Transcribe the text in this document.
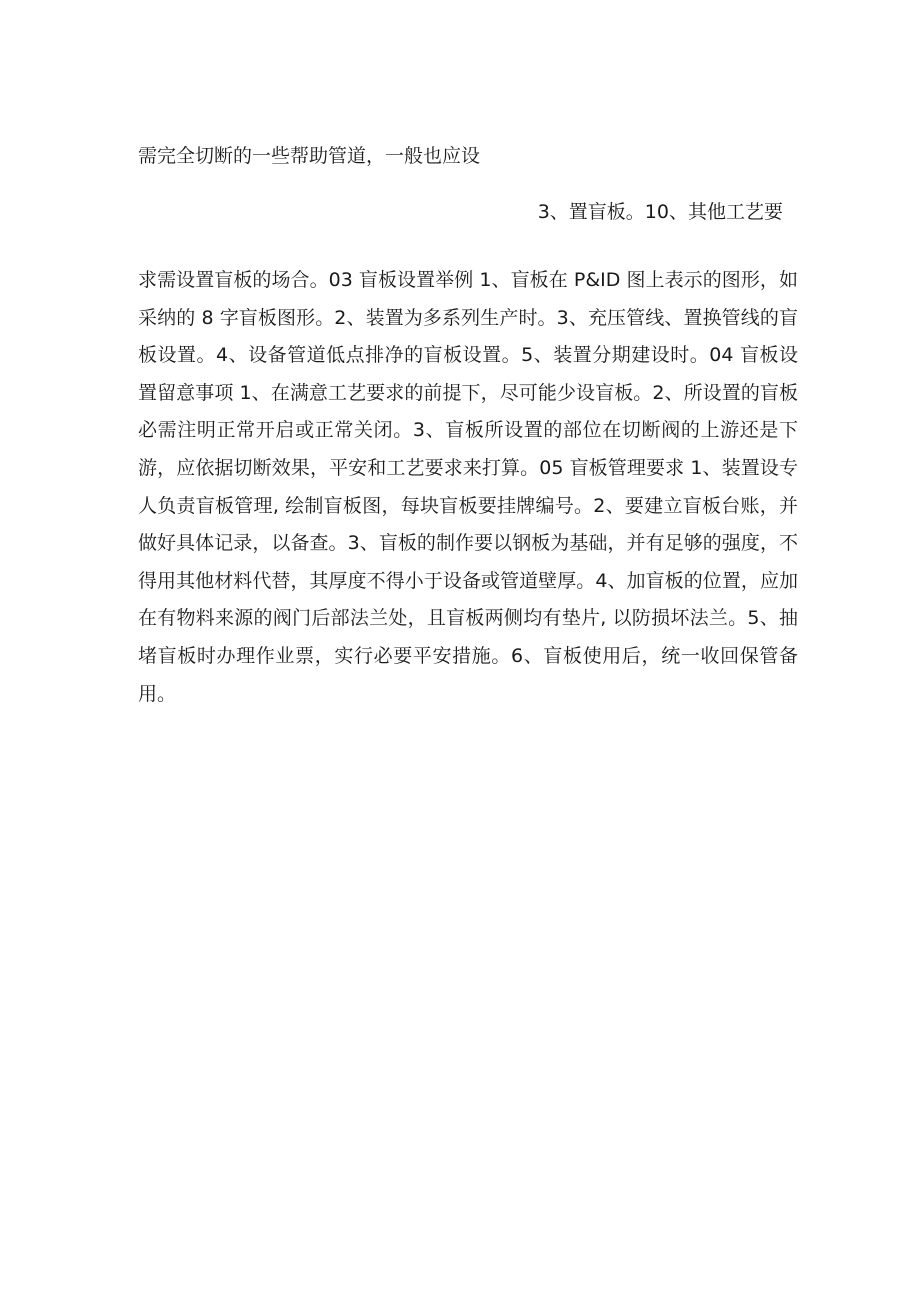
需完全切断的一些帮助管道，一般也应设

3、置盲板。10、其他工艺要

求需设置盲板的场合。03 盲板设置举例 1、盲板在 P&ID 图上表示的图形，如采纳的 8 字盲板图形。2、装置为多系列生产时。3、充压管线、置换管线的盲板设置。4、设备管道低点排净的盲板设置。5、装置分期建设时。04 盲板设置留意事项 1、在满意工艺要求的前提下，尽可能少设盲板。2、所设置的盲板必需注明正常开启或正常关闭。3、盲板所设置的部位在切断阀的上游还是下游，应依据切断效果，平安和工艺要求来打算。05 盲板管理要求 1、装置设专人负责盲板管理, 绘制盲板图，每块盲板要挂牌编号。2、要建立盲板台账，并做好具体记录，以备查。3、盲板的制作要以钢板为基础，并有足够的强度，不得用其他材料代替，其厚度不得小于设备或管道壁厚。4、加盲板的位置，应加在有物料来源的阀门后部法兰处，且盲板两侧均有垫片, 以防损坏法兰。5、抽堵盲板时办理作业票，实行必要平安措施。6、盲板使用后，统一收回保管备用。
